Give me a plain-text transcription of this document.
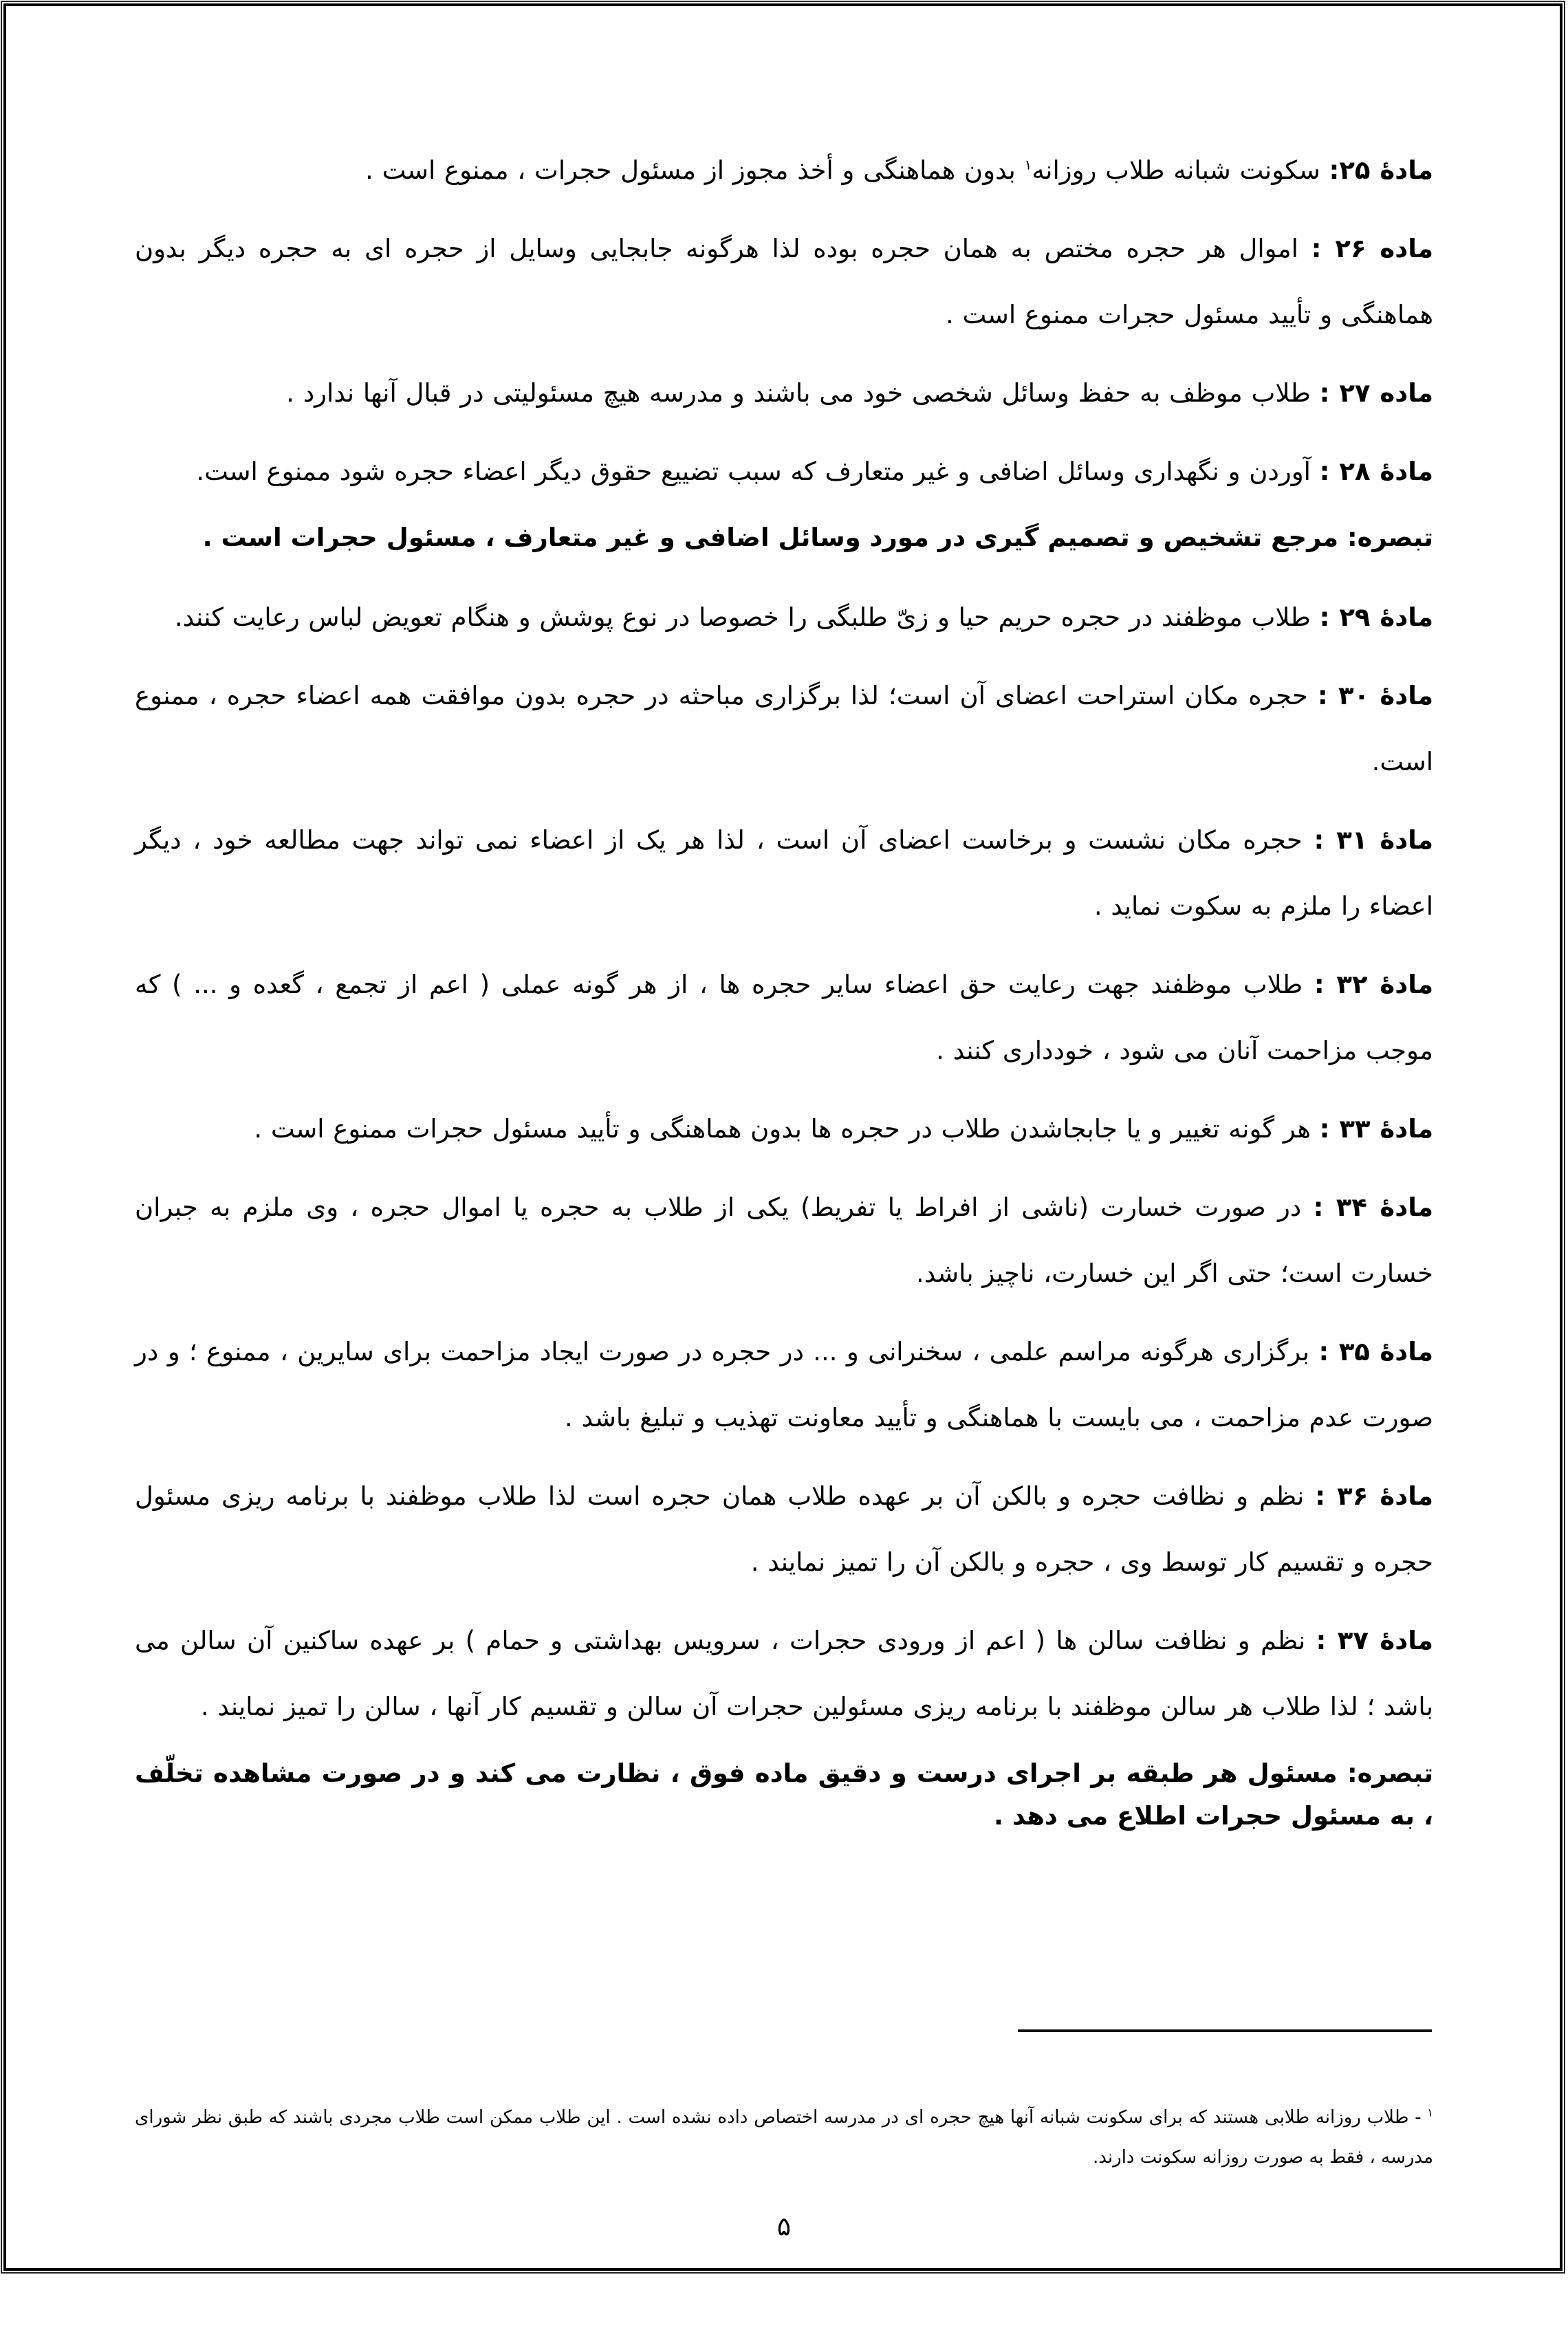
مادهٔ ۲۵: سکونت شبانه طلاب روزانه$^۱$ بدون هماهنگی و أخذ مجوز از مسئول حجرات ، ممنوع است .

ماده ۲۶ : اموال هر حجره مختص به همان حجره بوده لذا هرگونه جابجایی وسایل از حجره ای به حجره دیگر بدون هماهنگی و تأیید مسئول حجرات ممنوع است .

ماده ۲۷ : طلاب موظف به حفظ وسائل شخصی خود می باشند و مدرسه هیچ مسئولیتی در قبال آنها ندارد .

مادهٔ ۲۸ : آوردن و نگهداری وسائل اضافی و غیر متعارف که سبب تضییع حقوق دیگر اعضاء حجره شود ممنوع است.

تبصره: مرجع تشخیص و تصمیم گیری در مورد وسائل اضافی و غیر متعارف ، مسئول حجرات است .

مادهٔ ۲۹ : طلاب موظفند در حجره حریم حیا و زیّ طلبگی را خصوصا در نوع پوشش و هنگام تعویض لباس رعایت کنند.

مادهٔ ۳۰ : حجره مکان استراحت اعضای آن است؛ لذا برگزاری مباحثه در حجره بدون موافقت همه اعضاء حجره ، ممنوع است.

مادهٔ ۳۱ : حجره مکان نشست و برخاست اعضای آن است ، لذا هر یک از اعضاء نمی تواند جهت مطالعه خود ، دیگر اعضاء را ملزم به سکوت نماید .

مادهٔ ۳۲ : طلاب موظفند جهت رعایت حق اعضاء سایر حجره ها ، از هر گونه عملی ( اعم از تجمع ، گعده و ... ) که موجب مزاحمت آنان می شود ، خودداری کنند .

مادهٔ ۳۳ : هر گونه تغییر و یا جابجاشدن طلاب در حجره ها بدون هماهنگی و تأیید مسئول حجرات ممنوع است .

مادهٔ ۳۴ : در صورت خسارت (ناشی از افراط یا تفریط) یکی از طلاب به حجره یا اموال حجره ، وی ملزم به جبران خسارت است؛ حتی اگر این خسارت، ناچیز باشد.

مادهٔ ۳۵ : برگزاری هرگونه مراسم علمی ، سخنرانی و ... در حجره در صورت ایجاد مزاحمت برای سایرین ، ممنوع ؛ و در صورت عدم مزاحمت ، می بایست با هماهنگی و تأیید معاونت تهذیب و تبلیغ باشد .

مادهٔ ۳۶ : نظم و نظافت حجره و بالکن آن بر عهده طلاب همان حجره است لذا طلاب موظفند با برنامه ریزی مسئول حجره و تقسیم کار توسط وی ، حجره و بالکن آن را تمیز نمایند .

مادهٔ ۳۷ : نظم و نظافت سالن ها ( اعم از ورودی حجرات ، سرویس بهداشتی و حمام ) بر عهده ساکنین آن سالن می باشد ؛ لذا طلاب هر سالن موظفند با برنامه ریزی مسئولین حجرات آن سالن و تقسیم کار آنها ، سالن را تمیز نمایند .

تبصره: مسئول هر طبقه بر اجرای درست و دقیق ماده فوق ، نظارت می کند و در صورت مشاهده تخلّف ، به مسئول حجرات اطلاع می دهد .

$^۱$ - طلاب روزانه طلابی هستند که برای سکونت شبانه آنها هیچ حجره ای در مدرسه اختصاص داده نشده است . این طلاب ممکن است طلاب مجردی باشند که طبق نظر شورای مدرسه ، فقط به صورت روزانه سکونت دارند.
۵
